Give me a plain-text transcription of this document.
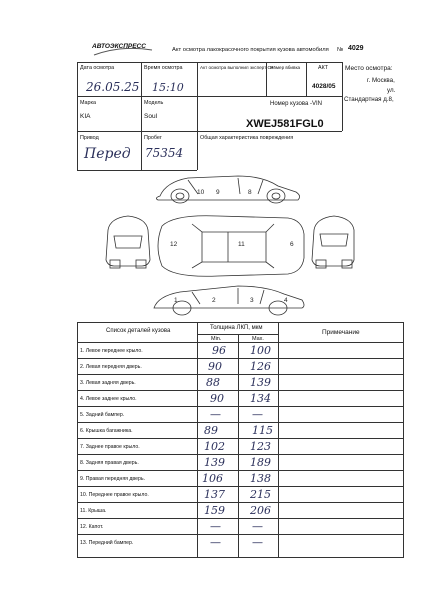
АВТОЭКСПРЕСС	Акт осмотра лакокрасочного покрытия кузова автомобиля № 4029
Дата осмотра
26.05.25
Время осмотра
15:10
Акт осмотра выполнил эксперт СК*
Номер вбивка	АКТ
4028/05
Место осмотра:
г. Москва,
ул.
Стандартная д.8,
Марка
KIA
Модель
Soul
Номер кузова -VIN
XWEJ581FGL0
Привод
Перед
Пробег
75354
Общая характеристика повреждения
10 9	8
12	11	6
1	2	3	4
Список деталей кузова	Толщина ЛКП, мкм
Min.	Max.
Примечание
1. Левое переднее крыло.	96 100
2. Левая передняя дверь.	90	126
3. Левая задняя дверь.	88	139
4. Левое заднее крыло.	90 134
5. Задний бампер.	—	—
6. Крышка багажника.	89	115
7. Заднее правое крыло.	102 123
8. Задняя правая дверь.	139 189
9. Правая передняя дверь.	106 138
10. Переднее правое крыло.	137 215
11. Крыша.	159 206
12. Капот.	—	—
13. Передний бампер.	—	—
